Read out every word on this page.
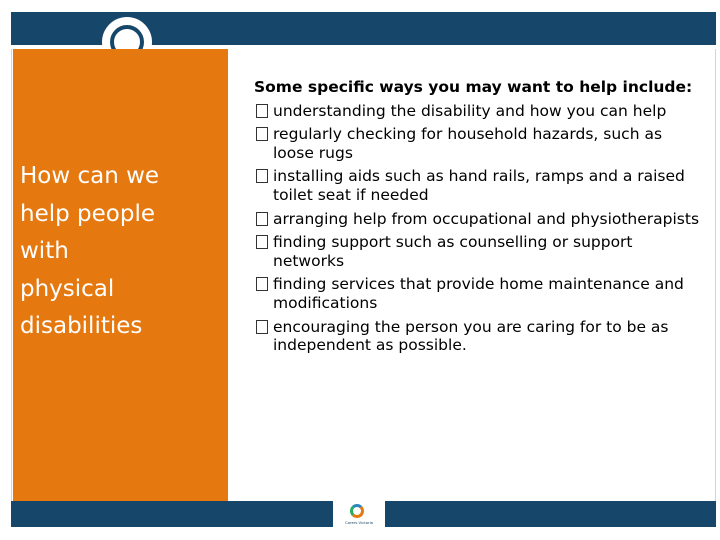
How can we
help people
with
physical
disabilities

Some specific ways you may want to help include:

understanding the disability and how you can help
regularly checking for household hazards, such as loose rugs
installing aids such as hand rails, ramps and a raised toilet seat if needed
arranging help from occupational and physiotherapists
finding support such as counselling or support networks
finding services that provide home maintenance and modifications
encouraging the person you are caring for to be as independent as possible.
Carers Victoria
